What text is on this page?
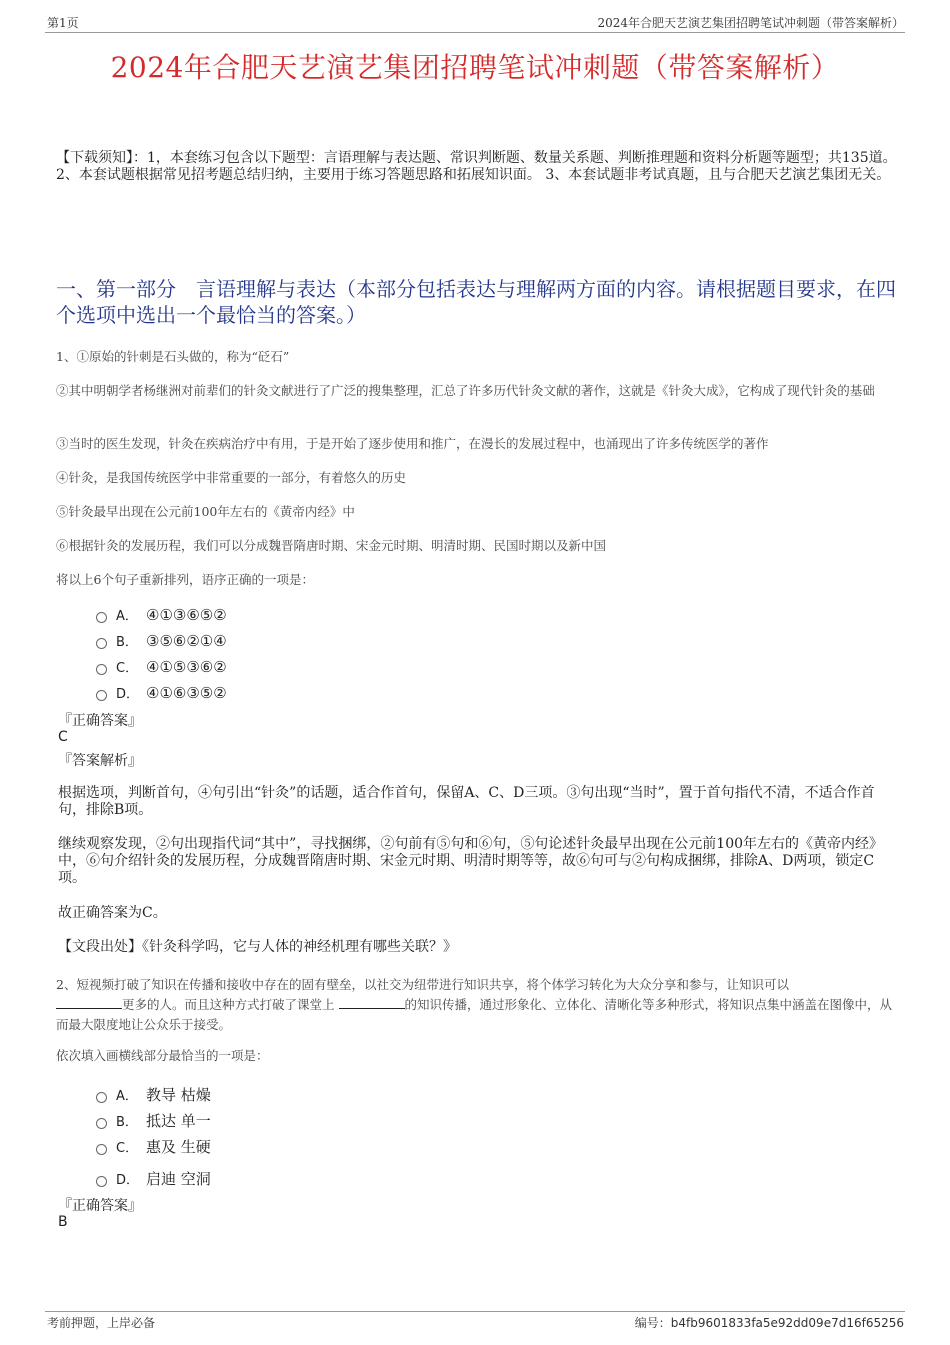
第1页	2024年合肥天艺演艺集团招聘笔试冲刺题（带答案解析）
2024年合肥天艺演艺集团招聘笔试冲刺题（带答案解析）
【下载须知】：1，本套练习包含以下题型：言语理解与表达题、常识判断题、数量关系题、判断推理题和资料分析题等题型；共135道。 2、本套试题根据常见招考题总结归纳，主要用于练习答题思路和拓展知识面。 3、本套试题非考试真题，且与合肥天艺演艺集团无关。
一、第一部分　言语理解与表达（本部分包括表达与理解两方面的内容。请根据题目要求，在四个选项中选出一个最恰当的答案。）
1、①原始的针刺是石头做的，称为“砭石”
②其中明朝学者杨继洲对前辈们的针灸文献进行了广泛的搜集整理，汇总了许多历代针灸文献的著作，这就是《针灸大成》，它构成了现代针灸的基础
③当时的医生发现，针灸在疾病治疗中有用，于是开始了逐步使用和推广，在漫长的发展过程中，也涌现出了许多传统医学的著作
④针灸，是我国传统医学中非常重要的一部分，有着悠久的历史
⑤针灸最早出现在公元前100年左右的《黄帝内经》中
⑥根据针灸的发展历程，我们可以分成魏晋隋唐时期、宋金元时期、明清时期、民国时期以及新中国
将以上6个句子重新排列，语序正确的一项是：
A． ④①③⑥⑤②
B． ③⑤⑥②①④
C． ④①⑤③⑥②
D． ④①⑥③⑤②
『正确答案』
C
『答案解析』
根据选项，判断首句，④句引出“针灸”的话题，适合作首句，保留A、C、D三项。③句出现“当时”，置于首句指代不清，不适合作首句，排除B项。
继续观察发现，②句出现指代词“其中”，寻找捆绑，②句前有⑤句和⑥句，⑤句论述针灸最早出现在公元前100年左右的《黄帝内经》中，⑥句介绍针灸的发展历程，分成魏晋隋唐时期、宋金元时期、明清时期等等，故⑥句可与②句构成捆绑，排除A、D两项，锁定C项。
故正确答案为C。
【文段出处】《针灸科学吗，它与人体的神经机理有哪些关联？》
2、短视频打破了知识在传播和接收中存在的固有壁垒，以社交为纽带进行知识共享，将个体学习转化为大众分享和参与，让知识可以
更多的人。而且这种方式打破了课堂上	的知识传播，通过形象化、立体化、清晰化等多种形式，将知识点集中涵盖在图像中，从而最大限度地让公众乐于接受。
依次填入画横线部分最恰当的一项是：
A． 教导 枯燥
B． 抵达 单一
C． 惠及 生硬
D． 启迪 空洞
『正确答案』
B
考前押题，上岸必备	编号：b4fb9601833fa5e92dd09e7d16f65256
